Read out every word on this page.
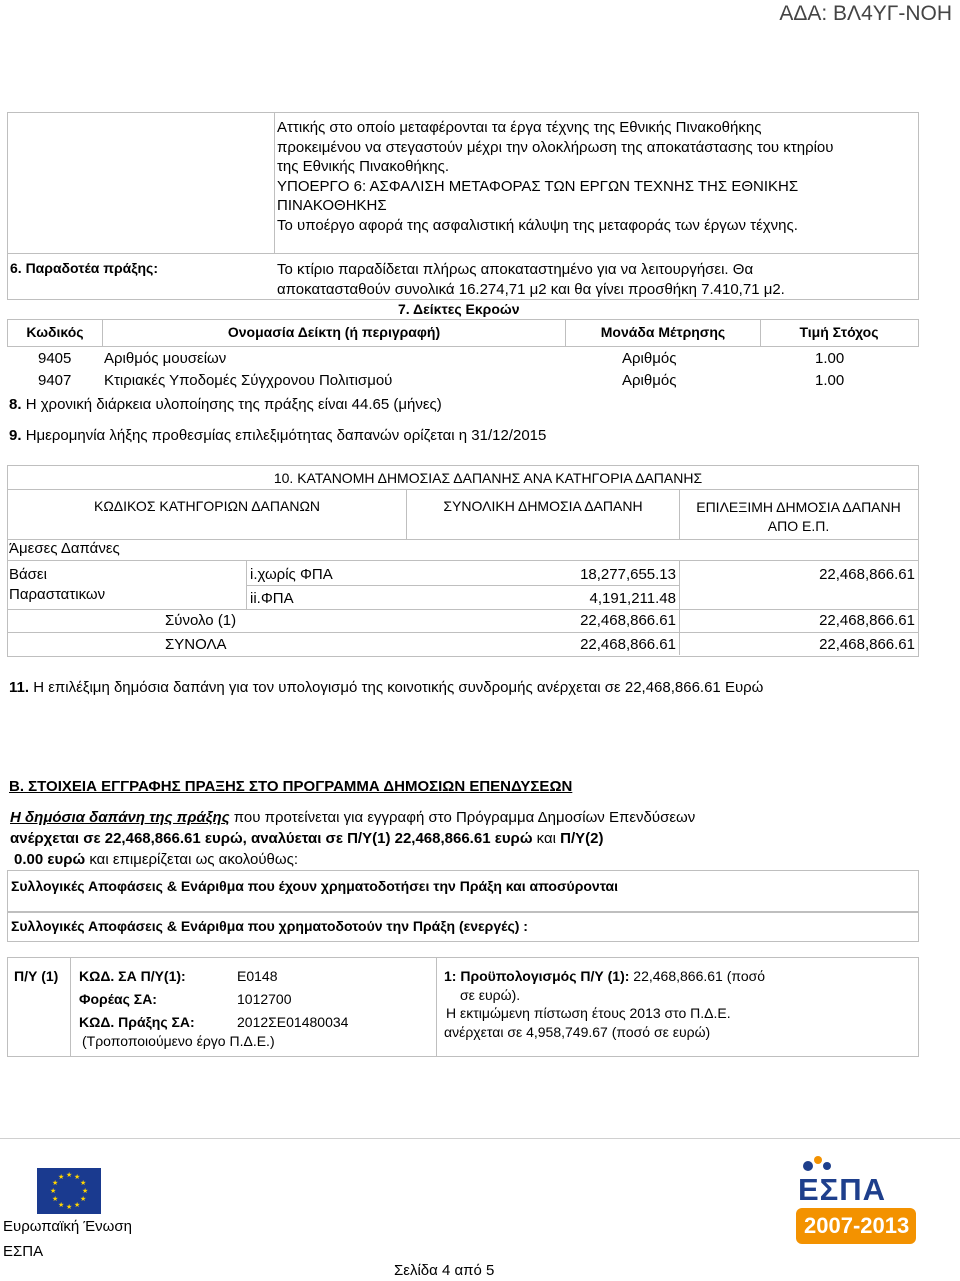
ΑΔΑ: ΒΛ4ΥΓ-ΝΟΗ
Αττικής στο οποίο μεταφέρονται τα έργα τέχνης της Εθνικής Πινακοθήκης
προκειμένου να στεγαστούν μέχρι την ολοκλήρωση της αποκατάστασης του κτηρίου
της Εθνικής Πινακοθήκης.
ΥΠΟΕΡΓΟ 6: ΑΣΦΑΛΙΣΗ ΜΕΤΑΦΟΡΑΣ ΤΩΝ ΕΡΓΩΝ ΤΕΧΝΗΣ ΤΗΣ ΕΘΝΙΚΗΣ
ΠΙΝΑΚΟΘΗΚΗΣ
Το υποέργο αφορά της ασφαλιστική κάλυψη της μεταφοράς των έργων τέχνης.
6. Παραδοτέα πράξης:	Το κτίριο παραδίδεται πλήρως αποκαταστημένο για να λειτουργήσει. Θα
αποκατασταθούν συνολικά 16.274,71 μ2 και θα γίνει προσθήκη 7.410,71 μ2.
7. Δείκτες Εκροών
Κωδικός	Ονομασία Δείκτη (ή περιγραφή)	Μονάδα Μέτρησης	Τιμή Στόχος
9405 Αριθμός μουσείων	Αριθμός	1.00
9407 Κτιριακές Υποδομές Σύγχρονου Πολιτισμού	Αριθμός	1.00
8. Η χρονική διάρκεια υλοποίησης της πράξης είναι 44.65 (μήνες)
9. Ημερομηνία λήξης προθεσμίας επιλεξιμότητας δαπανών ορίζεται η 31/12/2015
10. ΚΑΤΑΝΟΜΗ ΔΗΜΟΣΙΑΣ ΔΑΠΑΝΗΣ ΑΝΑ ΚΑΤΗΓΟΡΙΑ ΔΑΠΑΝΗΣ
ΚΩΔΙΚΟΣ ΚΑΤΗΓΟΡΙΩΝ ΔΑΠΑΝΩΝ	ΣΥΝΟΛΙΚΗ ΔΗΜΟΣΙΑ ΔΑΠΑΝΗ	ΕΠΙΛΕΞΙΜΗ ΔΗΜΟΣΙΑ ΔΑΠΑΝΗ
ΑΠΟ Ε.Π.
Άμεσες Δαπάνες
Βάσει
Παραστατικων
i.χωρίς ΦΠΑ	18,277,655.13	22,468,866.61
ii.ΦΠΑ	4,191,211.48
Σύνολο (1)	22,468,866.61	22,468,866.61
ΣΥΝΟΛΑ	22,468,866.61	22,468,866.61
11. Η επιλέξιμη δημόσια δαπάνη για τον υπολογισμό της κοινοτικής συνδρομής ανέρχεται σε 22,468,866.61 Ευρώ
Β. ΣΤΟΙΧΕΙΑ ΕΓΓΡΑΦΗΣ ΠΡΑΞΗΣ ΣΤΟ ΠΡΟΓΡΑΜΜΑ ΔΗΜΟΣΙΩΝ ΕΠΕΝΔΥΣΕΩΝ
Η δημόσια δαπάνη της πράξης που προτείνεται για εγγραφή στο Πρόγραμμα Δημοσίων Επενδύσεων
ανέρχεται σε 22,468,866.61 ευρώ, αναλύεται σε Π/Υ(1) 22,468,866.61 ευρώ και Π/Υ(2)
0.00 ευρώ και επιμερίζεται ως ακολούθως:
Συλλογικές Αποφάσεις & Ενάριθμα που έχουν χρηματοδοτήσει την Πράξη και αποσύρονται
Συλλογικές Αποφάσεις & Ενάριθμα που χρηματοδοτούν την Πράξη (ενεργές) :
Π/Υ (1) ΚΩΔ. ΣΑ Π/Υ(1):	Ε0148
Φορέας ΣΑ:	1012700
ΚΩΔ. Πράξης ΣΑ:	2012ΣΕ01480034
(Τροποποιούμενο έργο Π.Δ.Ε.)
1: Προϋπολογισμός Π/Υ (1): 22,468,866.61 (ποσό
σε ευρώ).
Η εκτιμώμενη πίστωση έτους 2013 στο Π.Δ.Ε.
ανέρχεται σε 4,958,749.67 (ποσό σε ευρώ)
★ ★
★
★
★
★
★
★
★
★
★
★
Ευρωπαϊκή Ένωση
ΕΣΠΑ
ΕΣΠΑ
2007-2013
Σελίδα 4 από 5
